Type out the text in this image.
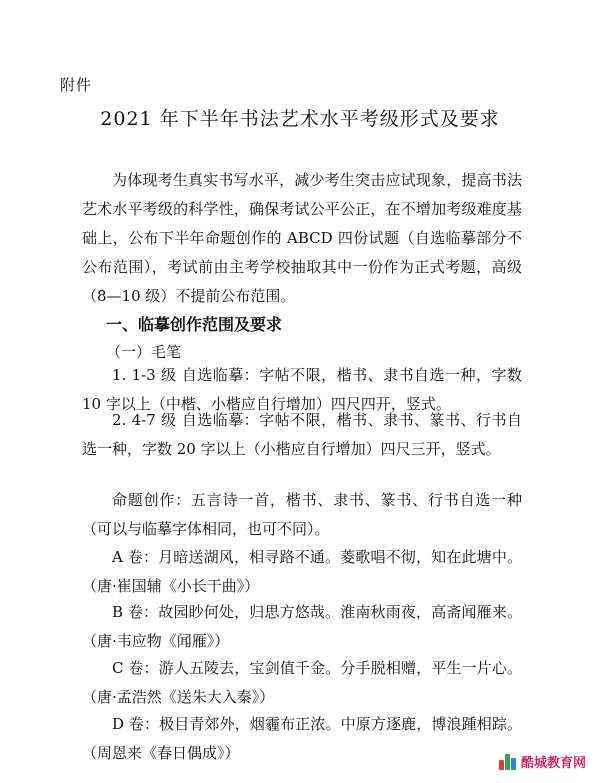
附件
2021 年下半年书法艺术水平考级形式及要求
为体现考生真实书写水平，减少考生突击应试现象，提高书法艺术水平考级的科学性，确保考试公平公正，在不增加考级难度基础上，公布下半年命题创作的 ABCD 四份试题（自选临摹部分不公布范围），考试前由主考学校抽取其中一份作为正式考题，高级（8—10 级）不提前公布范围。
一、临摹创作范围及要求
（一）毛笔
1. 1-3 级 自选临摹：字帖不限，楷书、隶书自选一种，字数 10 字以上（中楷、小楷应自行增加）四尺四开，竖式。
2. 4-7 级 自选临摹：字帖不限，楷书、隶书、篆书、行书自选一种，字数 20 字以上（小楷应自行增加）四尺三开，竖式。
命题创作：五言诗一首，楷书、隶书、篆书、行书自选一种（可以与临摹字体相同，也可不同）。
A 卷：月暗送湖风，相寻路不通。菱歌唱不彻，知在此塘中。（唐·崔国辅《小长干曲》）
B 卷：故园眇何处，归思方悠哉。淮南秋雨夜，高斋闻雁来。（唐·韦应物《闻雁》）
C 卷：游人五陵去，宝剑值千金。分手脱相赠，平生一片心。（唐·孟浩然《送朱大入秦》）
D 卷：极目青郊外，烟霾布正浓。中原方逐鹿，博浪踵相踪。（周恩来《春日偶成》）
酷城教育网
